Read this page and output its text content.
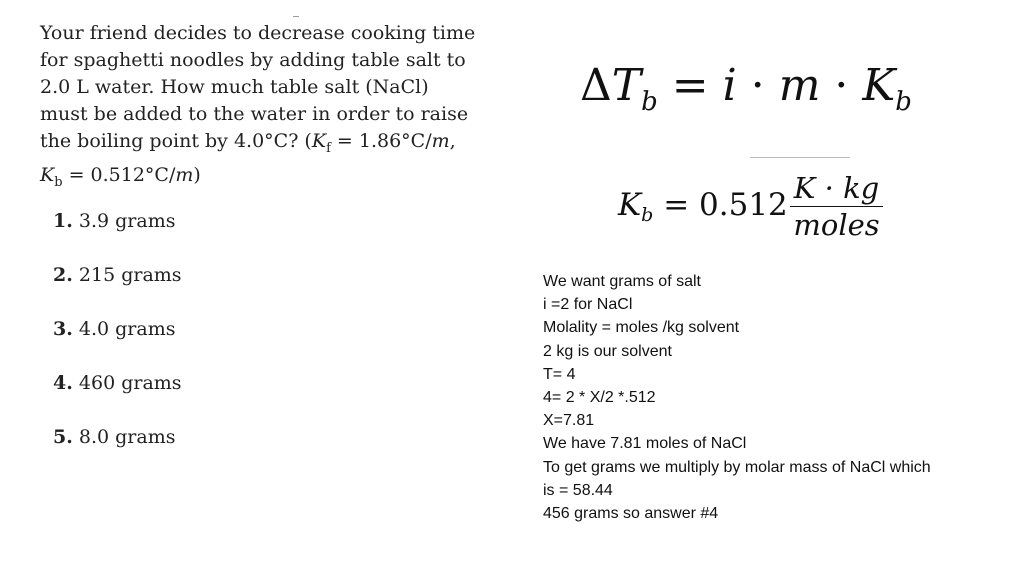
Your friend decides to decrease cooking time
for spaghetti noodles by adding table salt to
2.0 L water. How much table salt (NaCl)
must be added to the water in order to raise
the boiling point by 4.0°C? ($K_f = 1.86^\circ C/m$,
$K_b = 0.512^\circ C/m$)
1. 3.9 grams
2. 215 grams
3. 4.0 grams
4. 460 grams
5. 8.0 grams
$\Delta T_b = i \cdot m \cdot K_b$
$K_b = 0.512 \frac{K \cdot kg}{\text{moles}}$
We want grams of salt
i =2 for NaCl
Molality = moles /kg solvent
2 kg is our solvent
T= 4
4= 2 * X/2 *.512
X=7.81
We have 7.81 moles of NaCl
To get grams we multiply by molar mass of NaCl which
is = 58.44
456 grams so answer #4
